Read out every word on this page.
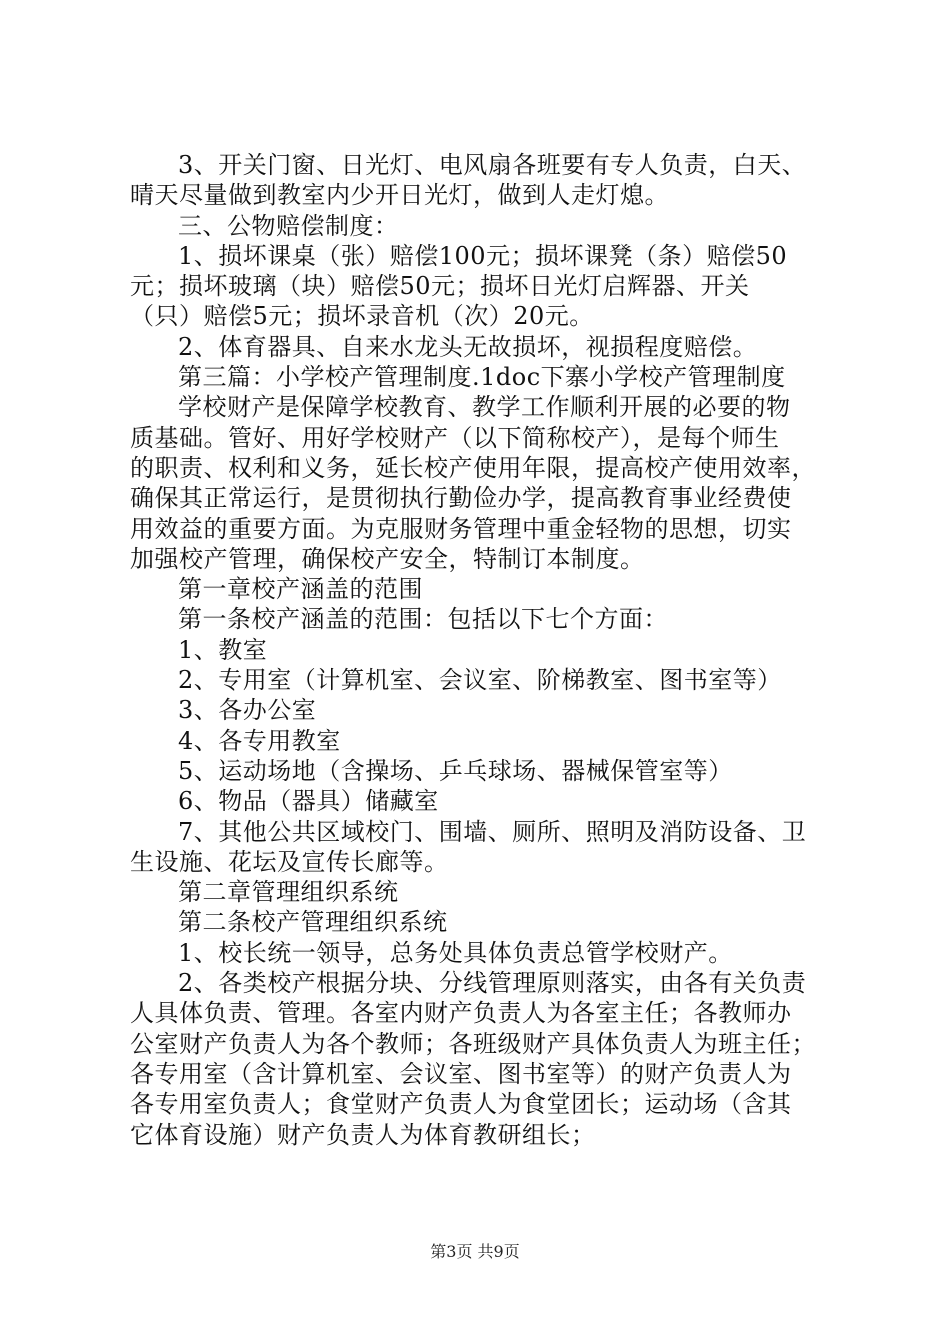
3、开关门窗、日光灯、电风扇各班要有专人负责，白天、
晴天尽量做到教室内少开日光灯，做到人走灯熄。
三、公物赔偿制度：
1、损坏课桌（张）赔偿100元；损坏课凳（条）赔偿50
元；损坏玻璃（块）赔偿50元；损坏日光灯启辉器、开关
（只）赔偿5元；损坏录音机（次）20元。
2、体育器具、自来水龙头无故损坏，视损程度赔偿。
第三篇：小学校产管理制度.1doc下寨小学校产管理制度
学校财产是保障学校教育、教学工作顺利开展的必要的物
质基础。管好、用好学校财产（以下简称校产），是每个师生
的职责、权利和义务，延长校产使用年限，提高校产使用效率，
确保其正常运行，是贯彻执行勤俭办学，提高教育事业经费使
用效益的重要方面。为克服财务管理中重金轻物的思想，切实
加强校产管理，确保校产安全，特制订本制度。
第一章校产涵盖的范围
第一条校产涵盖的范围：包括以下七个方面：
1、教室
2、专用室（计算机室、会议室、阶梯教室、图书室等）
3、各办公室
4、各专用教室
5、运动场地（含操场、乒乓球场、器械保管室等）
6、物品（器具）储藏室
7、其他公共区域校门、围墙、厕所、照明及消防设备、卫
生设施、花坛及宣传长廊等。
第二章管理组织系统
第二条校产管理组织系统
1、校长统一领导，总务处具体负责总管学校财产。
2、各类校产根据分块、分线管理原则落实，由各有关负责
人具体负责、管理。各室内财产负责人为各室主任；各教师办
公室财产负责人为各个教师；各班级财产具体负责人为班主任；
各专用室（含计算机室、会议室、图书室等）的财产负责人为
各专用室负责人；食堂财产负责人为食堂团长；运动场（含其
它体育设施）财产负责人为体育教研组长；
第3页 共9页
